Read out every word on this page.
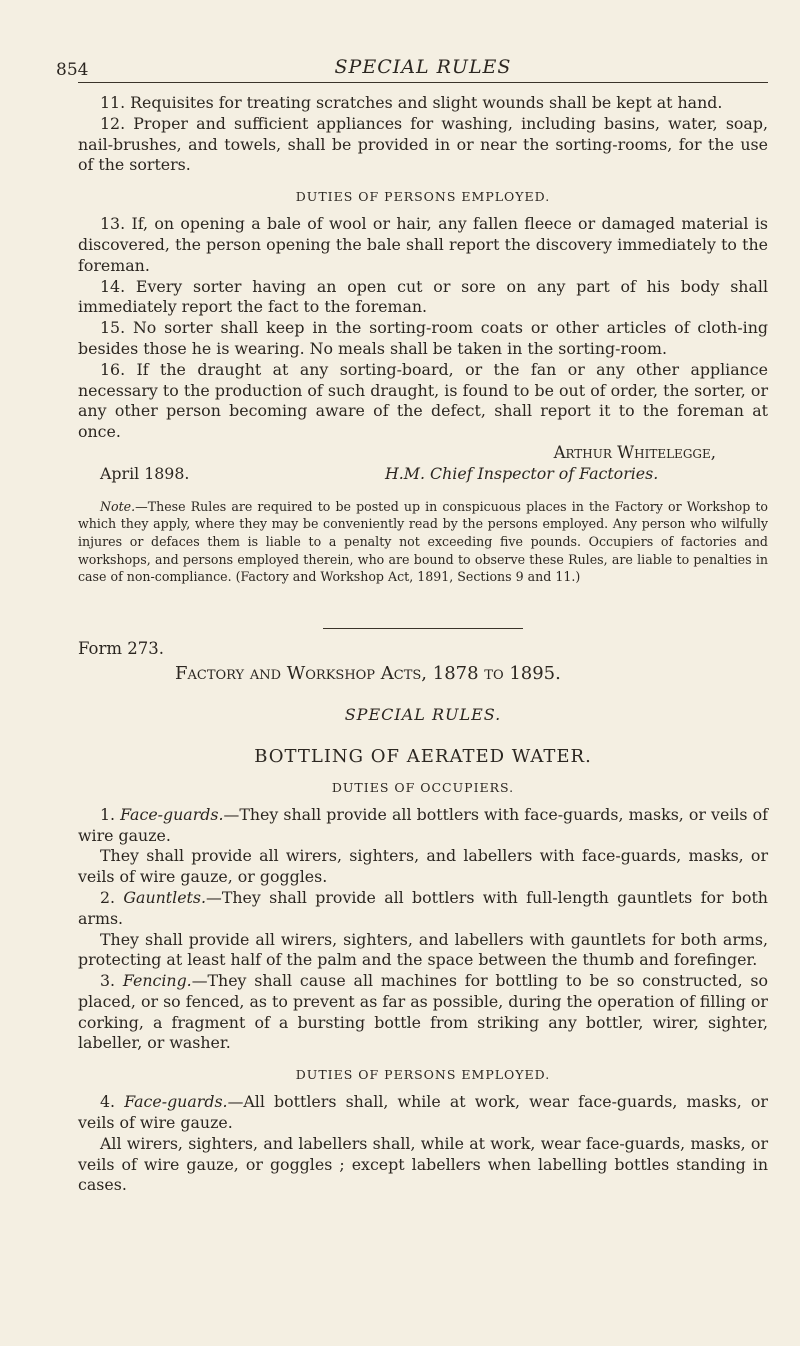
854	SPECIAL RULES

11. Requisites for treating scratches and slight wounds shall be kept at hand.

12. Proper and sufficient appliances for washing, including basins, water, soap, nail-brushes, and towels, shall be provided in or near the sorting-rooms, for the use of the sorters.

DUTIES OF PERSONS EMPLOYED.

13. If, on opening a bale of wool or hair, any fallen fleece or damaged material is discovered, the person opening the bale shall report the discovery immediately to the foreman.

14. Every sorter having an open cut or sore on any part of his body shall immediately report the fact to the foreman.

15. No sorter shall keep in the sorting-room coats or other articles of cloth-ing besides those he is wearing. No meals shall be taken in the sorting-room.

16. If the draught at any sorting-board, or the fan or any other appliance necessary to the production of such draught, is found to be out of order, the sorter, or any other person becoming aware of the defect, shall report it to the foreman at once.

Arthur Whitelegge,
April 1898.	H.M. Chief Inspector of Factories.
Note.—These Rules are required to be posted up in conspicuous places in the Factory or Workshop to which they apply, where they may be conveniently read by the persons employed. Any person who wilfully injures or defaces them is liable to a penalty not exceeding five pounds. Occupiers of factories and workshops, and persons employed therein, who are bound to observe these Rules, are liable to penalties in case of non-compliance. (Factory and Workshop Act, 1891, Sections 9 and 11.)
Form 273.
Factory and Workshop Acts, 1878 to 1895.
SPECIAL RULES.
BOTTLING OF AERATED WATER.
DUTIES OF OCCUPIERS.

1. Face-guards.—They shall provide all bottlers with face-guards, masks, or veils of wire gauze.

They shall provide all wirers, sighters, and labellers with face-guards, masks, or veils of wire gauze, or goggles.

2. Gauntlets.—They shall provide all bottlers with full-length gauntlets for both arms.

They shall provide all wirers, sighters, and labellers with gauntlets for both arms, protecting at least half of the palm and the space between the thumb and forefinger.

3. Fencing.—They shall cause all machines for bottling to be so constructed, so placed, or so fenced, as to prevent as far as possible, during the operation of filling or corking, a fragment of a bursting bottle from striking any bottler, wirer, sighter, labeller, or washer.

DUTIES OF PERSONS EMPLOYED.

4. Face-guards.—All bottlers shall, while at work, wear face-guards, masks, or veils of wire gauze.

All wirers, sighters, and labellers shall, while at work, wear face-guards, masks, or veils of wire gauze, or goggles ; except labellers when labelling bottles standing in cases.
